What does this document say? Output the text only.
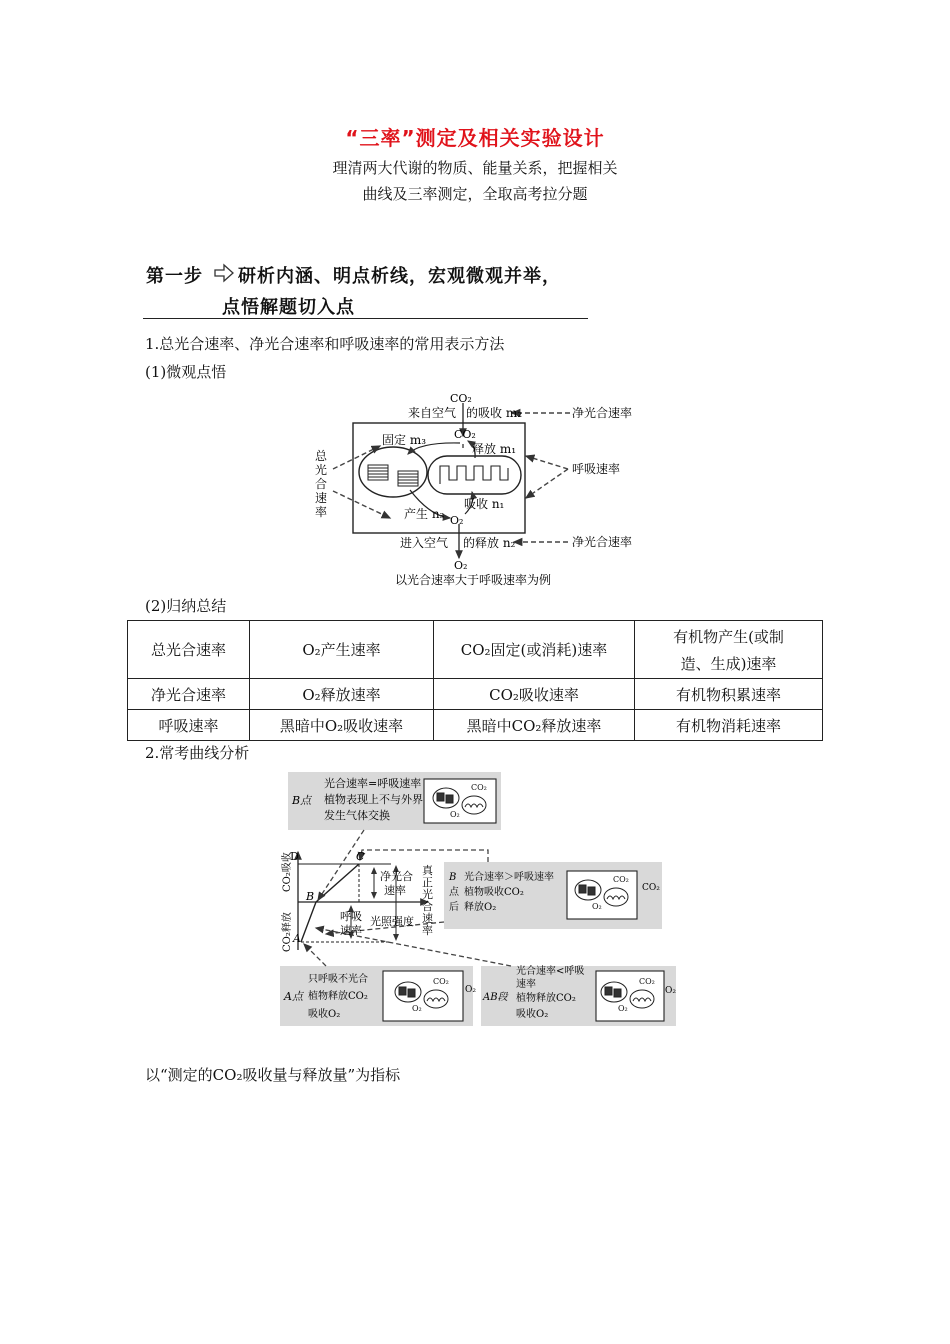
“三率”测定及相关实验设计
理清两大代谢的物质、能量关系，把握相关
曲线及三率测定，全取高考拉分题
第一步 研析内涵、明点析线，宏观微观并举，
点悟解题切入点
1.总光合速率、净光合速率和呼吸速率的常用表示方法
(1)微观点悟
CO₂
来自空气 的吸收 m₂	净光合速率
CO₂
固定 m₃
释放 m₁
呼吸速率
吸收 n₁
产生 n₃ O₂
进入空气 的释放 n₂	净光合速率
O₂
以光合速率大于呼吸速率为例
总
光
合
速
率
(2)归纳总结
总光合速率	O₂产生速率	CO₂固定(或消耗)速率	有机物产生(或制
造、生成)速率

净光合速率	O₂释放速率	CO₂吸收速率	有机物积累速率
呼吸速率	黑暗中O₂吸收速率	黑暗中CO₂释放速率	有机物消耗速率
2.常考曲线分析
CO₂
O₂
CO₂
O₂
CO₂
O₂
CO₂
O₂
D	C
B
A
净光合
速率
呼吸
速率
光照强度
真
正
光
合
速
率
CO₂吸收
CO₂释放
B点
光合速率=呼吸速率
植物表现上不与外界
发生气体交换
B
点
后
光合速率＞呼吸速率
植物吸收CO₂
释放O₂
A点
只呼吸不光合
植物释放CO₂
吸收O₂
AB段
光合速率<呼吸
速率
植物释放CO₂
吸收O₂
CO₂
O₂	O₂
以“测定的CO₂吸收量与释放量”为指标
